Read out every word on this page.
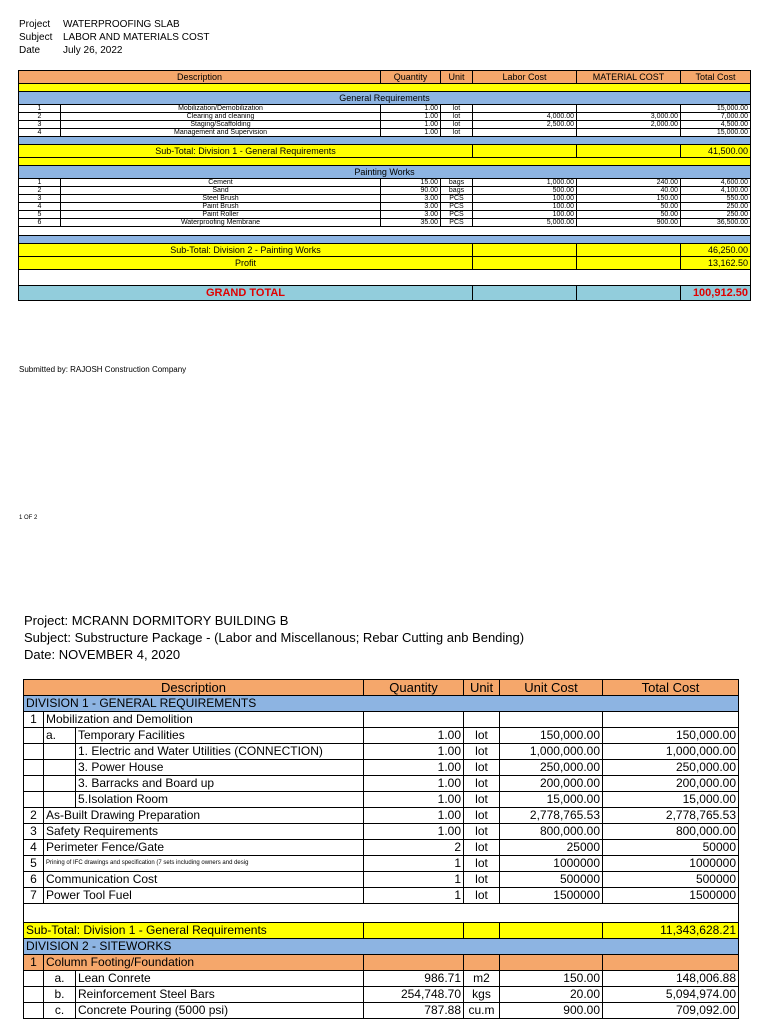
Project	WATERPROOFING SLAB
Subject	LABOR AND MATERIALS COST
Date	July 26, 2022
Description		Quantity	Unit	Labor Cost	MATERIAL COST	Total Cost

General Requirements						
1	Mobilization/Demobilization	1.00	lot			15,000.00
2	Clearing and cleaning	1.00	lot	4,000.00	3,000.00	7,000.00
3	Staging/Scaffolding	1.00	lot	2,500.00	2,000.00	4,500.00
4	Management and Supervision	1.00	lot			15,000.00

Sub-Total: Division 1 - General Requirements						41,500.00

Painting Works						
1	Cement	15.00	bags	1,000.00	240.00	4,600.00
2	Sand	90.00	bags	500.00	40.00	4,100.00
3	Steel Brush	3.00	PCS	100.00	150.00	550.00
4	Paint Brush	3.00	PCS	100.00	50.00	250.00
5	Paint Roller	3.00	PCS	100.00	50.00	250.00
6	Waterproofing Membrane	35.00	PCS	5,000.00	900.00	36,500.00

Sub-Total: Division 2 - Painting Works						46,250.00
Profit						13,162.50

GRAND TOTAL						100,912.50
Submitted by: RAJOSH Construction Company
1 OF 2
Project: MCRANN DORMITORY BUILDING B
Subject: Substructure Package - (Labor and Miscellanous; Rebar Cutting anb Bending)
Date: NOVEMBER 4, 2020
Description			Quantity	Unit	Unit Cost	Total Cost
DIVISION 1 - GENERAL REQUIREMENTS						
1	Mobilization and Demolition					
	a.	Temporary Facilities	1.00	lot	150,000.00	150,000.00
		1. Electric and Water Utilities (CONNECTION)	1.00	lot	1,000,000.00	1,000,000.00
		3. Power House	1.00	lot	250,000.00	250,000.00
		3. Barracks and Board up	1.00	lot	200,000.00	200,000.00
		5.Isolation Room	1.00	lot	15,000.00	15,000.00
2	As-Built Drawing Preparation		1.00	lot	2,778,765.53	2,778,765.53
3	Safety Requirements		1.00	lot	800,000.00	800,000.00
4	Perimeter Fence/Gate		2	lot	25000	50000
5	Prining of IFC drawings and specification (7 sets including owners and desig		1	lot	1000000	1000000
6	Communication Cost		1	lot	500000	500000
7	Power Tool Fuel		1	lot	1500000	1500000

Sub-Total: Division 1 - General Requirements						11,343,628.21
DIVISION 2 - SITEWORKS						
1	Column Footing/Foundation					
	a.	Lean Conrete	986.71	m2	150.00	148,006.88
	b.	Reinforcement Steel Bars	254,748.70	kgs	20.00	5,094,974.00
	c.	Concrete Pouring (5000 psi)	787.88	cu.m	900.00	709,092.00
